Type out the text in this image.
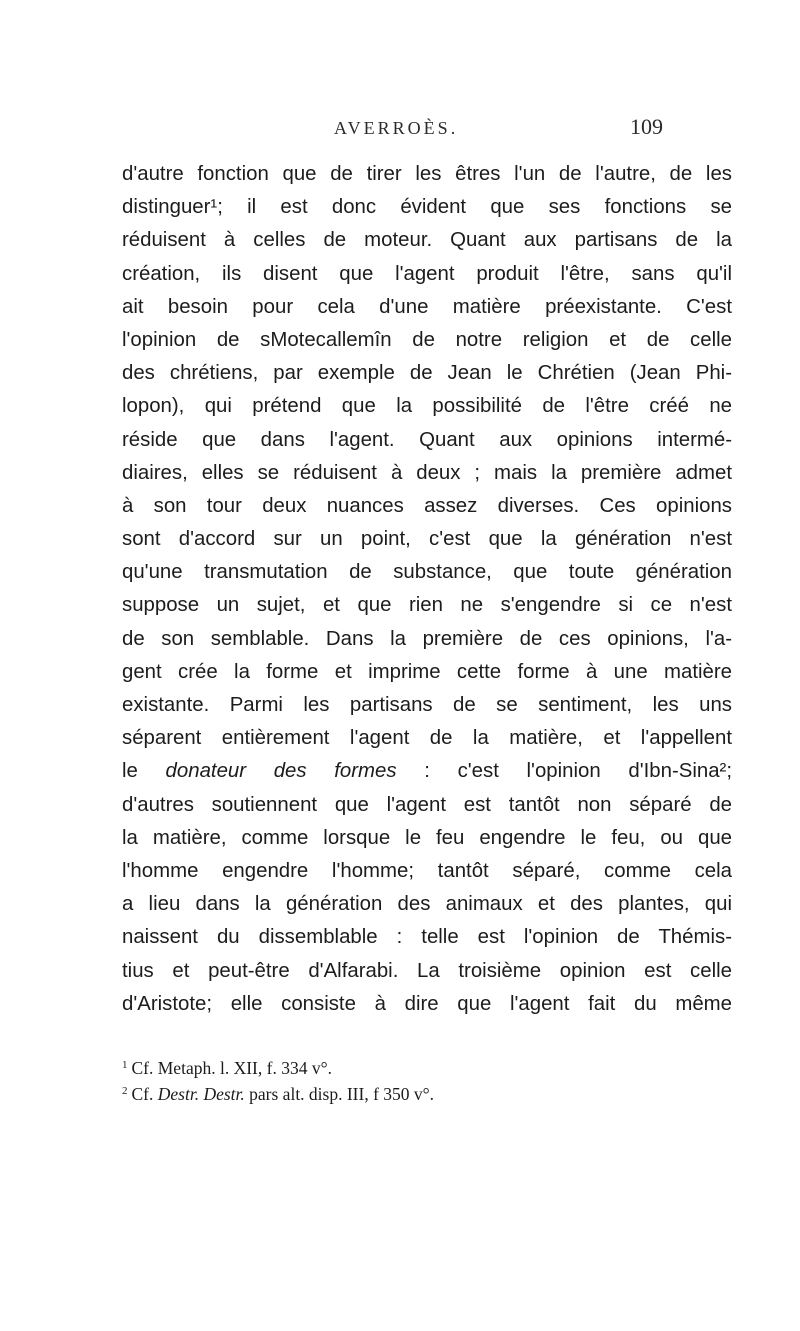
AVERROÈS.	109
d'autre fonction que de tirer les êtres l'un de l'autre, de les
distinguer¹; il est donc évident que ses fonctions se
réduisent à celles de moteur. Quant aux partisans de la
création, ils disent que l'agent produit l'être, sans qu'il
ait besoin pour cela d'une matière préexistante. C'est
l'opinion de sMotecallemîn de notre religion et de celle
des chrétiens, par exemple de Jean le Chrétien (Jean Phi-
lopon), qui prétend que la possibilité de l'être créé ne
réside que dans l'agent. Quant aux opinions intermé-
diaires, elles se réduisent à deux ; mais la première admet
à son tour deux nuances assez diverses. Ces opinions
sont d'accord sur un point, c'est que la génération n'est
qu'une transmutation de substance, que toute génération
suppose un sujet, et que rien ne s'engendre si ce n'est
de son semblable. Dans la première de ces opinions, l'a-
gent crée la forme et imprime cette forme à une matière
existante. Parmi les partisans de se sentiment, les uns
séparent entièrement l'agent de la matière, et l'appellent
le donateur des formes : c'est l'opinion d'Ibn-Sina²;
d'autres soutiennent que l'agent est tantôt non séparé de
la matière, comme lorsque le feu engendre le feu, ou que
l'homme engendre l'homme; tantôt séparé, comme cela
a lieu dans la génération des animaux et des plantes, qui
naissent du dissemblable : telle est l'opinion de Thémis-
tius et peut-être d'Alfarabi. La troisième opinion est celle
d'Aristote; elle consiste à dire que l'agent fait du même
$^1$ Cf. Metaph. l. XII, f. 334 v°.
$^2$ Cf. Destr. Destr. pars alt. disp. III, f 350 v°.
